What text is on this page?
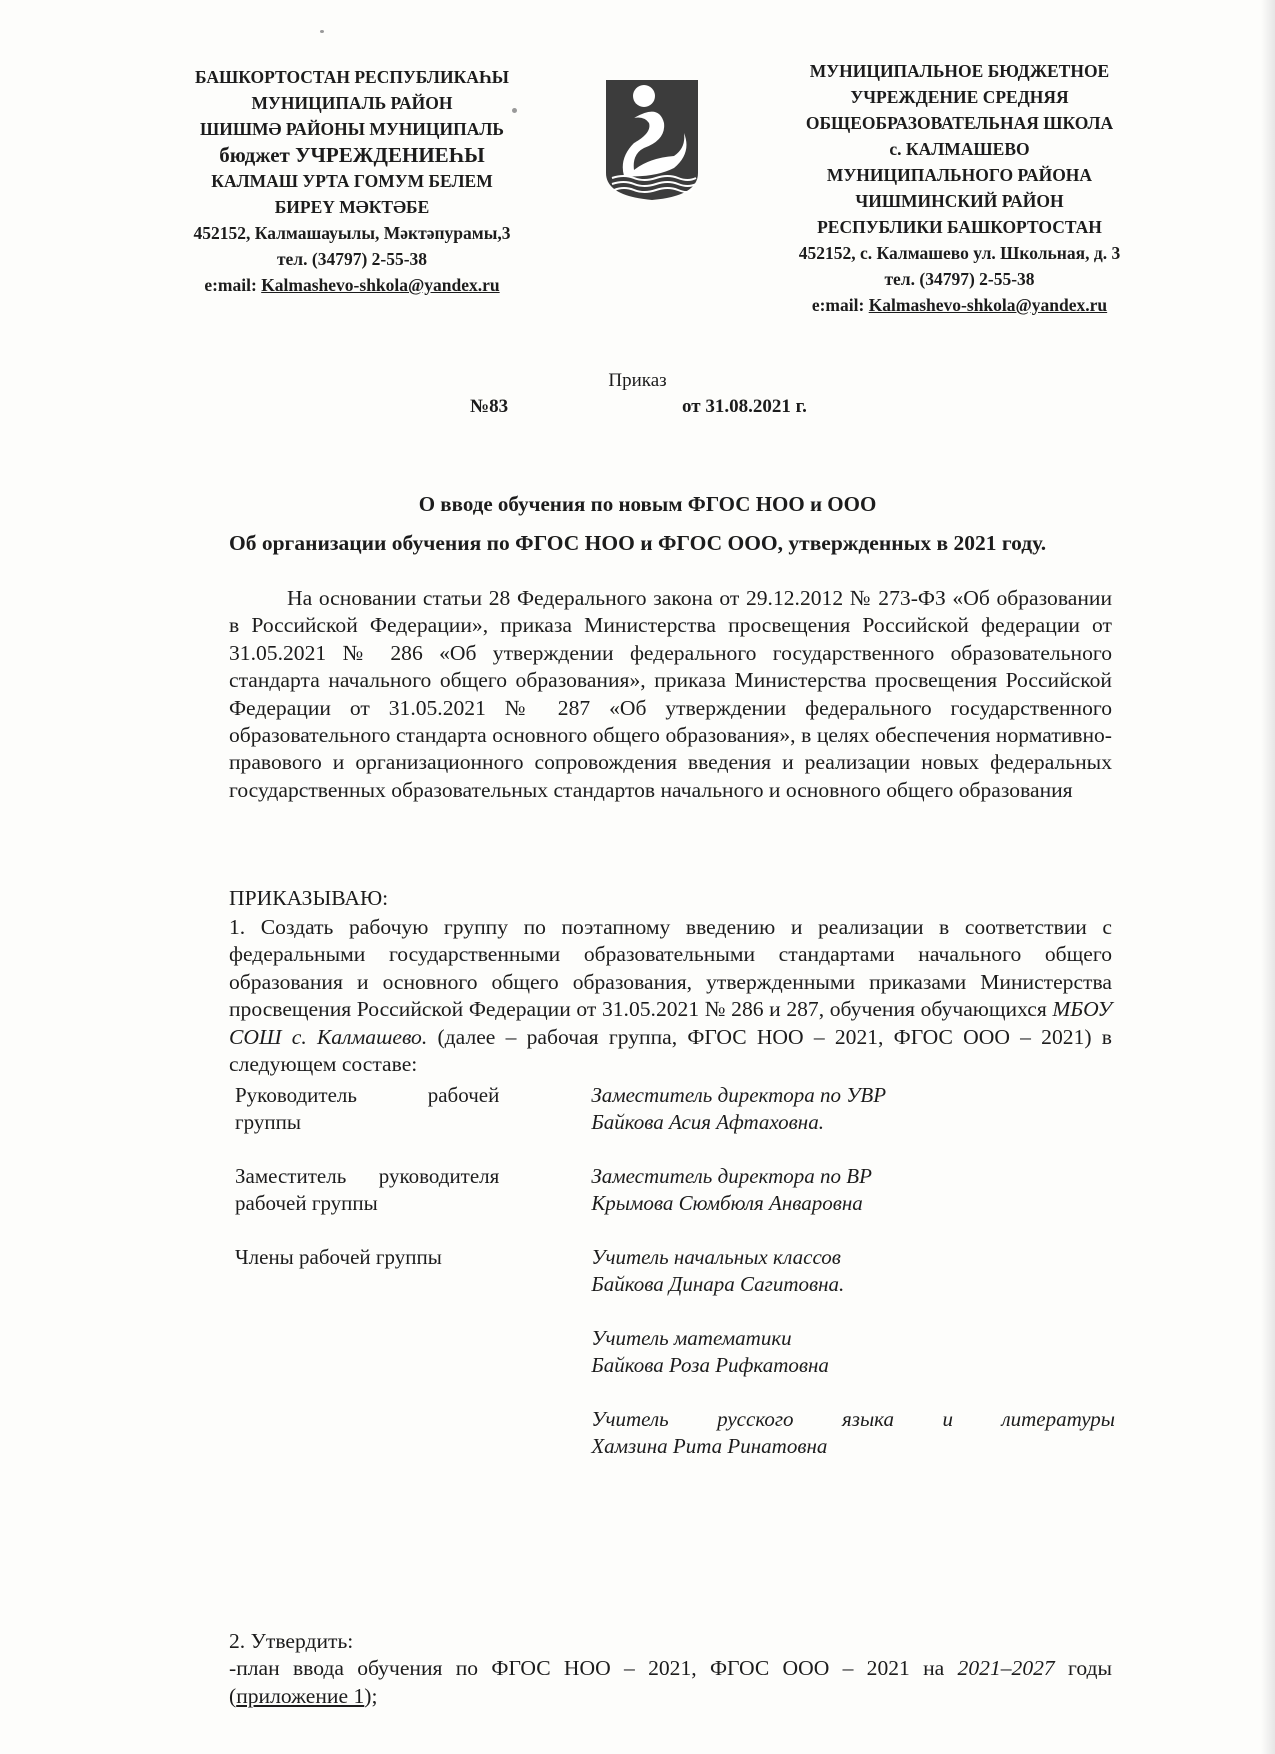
БАШКОРТОСТАН РЕСПУБЛИКАҺЫ
МУНИЦИПАЛЬ РАЙОН
ШИШМӘ РАЙОНЫ МУНИЦИПАЛЬ
бюджет УЧРЕЖДЕНИЕҺЫ
КАЛМАШ УРТА ГОМУМ БЕЛЕМ
БИРЕҮ МӘКТӘБЕ
452152, Калмашауылы, Мәктәпурамы,3
тел. (34797) 2-55-38
e:mail: Kalmashevo-shkola@yandex.ru
МУНИЦИПАЛЬНОЕ БЮДЖЕТНОЕ
УЧРЕЖДЕНИЕ СРЕДНЯЯ
ОБЩЕОБРАЗОВАТЕЛЬНАЯ ШКОЛА
с. КАЛМАШЕВО
МУНИЦИПАЛЬНОГО РАЙОНА
ЧИШМИНСКИЙ РАЙОН
РЕСПУБЛИКИ БАШКОРТОСТАН
452152, с. Калмашево ул. Школьная, д. 3
тел. (34797) 2-55-38
e:mail: Kalmashevo-shkola@yandex.ru
Приказ
№83	от 31.08.2021 г.
О вводе обучения по новым ФГОС НОО и ООО
Об организации обучения по ФГОС НОО и ФГОС ООО, утвержденных в 2021 году.
На основании статьи 28 Федерального закона от 29.12.2012 № 273-ФЗ «Об образовании в Российской Федерации», приказа Министерства просвещения Российской федерации от 31.05.2021 № 286 «Об утверждении федерального государственного образовательного стандарта начального общего образования», приказа Министерства просвещения Российской Федерации от 31.05.2021 № 287 «Об утверждении федерального государственного образовательного стандарта основного общего образования», в целях обеспечения нормативно-правового и организационного сопровождения введения и реализации новых федеральных государственных образовательных стандартов начального и основного общего образования
ПРИКАЗЫВАЮ:
1. Создать рабочую группу по поэтапному введению и реализации в соответствии с федеральными государственными образовательными стандартами начального общего образования и основного общего образования, утвержденными приказами Министерства просвещения Российской Федерации от 31.05.2021 № 286 и 287, обучения обучающихся МБОУ СОШ с. Калмашево. (далее – рабочая группа, ФГОС НОО – 2021, ФГОС ООО – 2021) в следующем составе:
Руководитель рабочей группы
Заместитель директора по УВР
Байкова Асия Афтаховна.
Заместитель руководителя рабочей группы
Заместитель директора по ВР
Крымова Сюмбюля Анваровна
Члены рабочей группы	Учитель начальных классов
Байкова Динара Сагитовна.
Учитель математики
Байкова Роза Рифкатовна
Учитель русского языка и литературы
Хамзина Рита Ринатовна
2. Утвердить:
-план ввода обучения по ФГОС НОО – 2021, ФГОС ООО – 2021 на 2021–2027 годы (приложение 1);
